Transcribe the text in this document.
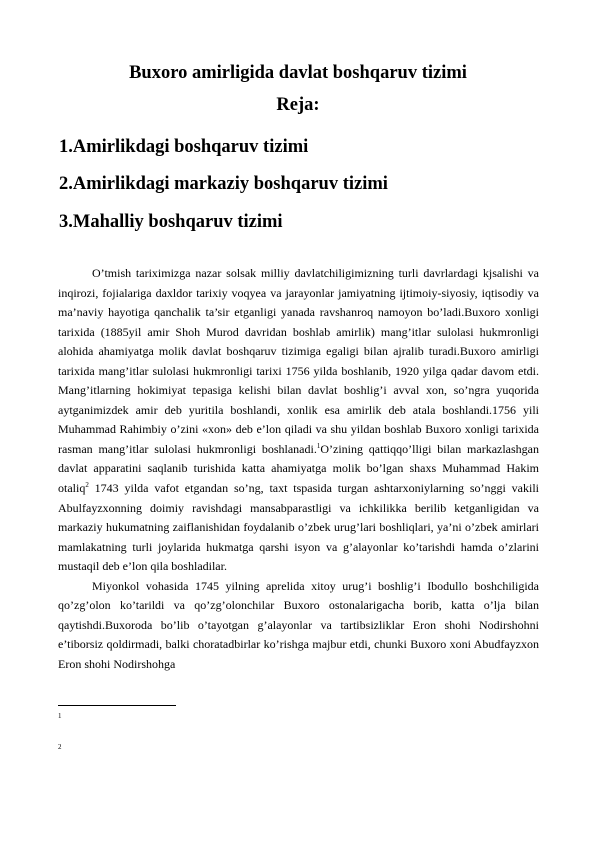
Buxoro amirligida davlat boshqaruv tizimi
Reja:
1.Amirlikdagi boshqaruv tizimi
2.Amirlikdagi markaziy boshqaruv tizimi
3.Mahalliy boshqaruv tizimi

O’tmish tariximizga nazar solsak milliy davlatchiligimizning turli davrlardagi kjsalishi va inqirozi, fojialariga daxldor tarixiy voqyea va jarayonlar jamiyatning ijtimoiy-siyosiy, iqtisodiy va ma’naviy hayotiga qanchalik ta’sir etganligi yanada ravshanroq namoyon bo’ladi.Buxoro xonligi tarixida (1885yil amir Shoh Murod davridan boshlab amirlik) mang’itlar sulolasi hukmronligi alohida ahamiyatga molik davlat boshqaruv tizimiga egaligi bilan ajralib turadi.Buxoro amirligi tarixida mang’itlar sulolasi hukmronligi tarixi 1756 yilda boshlanib, 1920 yilga qadar davom etdi. Mang’itlarning hokimiyat tepasiga kelishi bilan davlat boshlig’i avval xon, so’ngra yuqorida aytganimizdek amir deb yuritila boshlandi, xonlik esa amirlik deb atala boshlandi.1756 yili Muhammad Rahimbiy o’zini «xon» deb e’lon qiladi va shu yildan boshlab Buxoro xonligi tarixida rasman mang’itlar sulolasi hukmronligi boshlanadi.$^1$O’zining qattiqqo’lligi bilan markazlashgan davlat apparatini saqlanib turishida katta ahamiyatga molik bo’lgan shaxs Muhammad Hakim otaliq$^2$ 1743 yilda vafot etgandan so’ng, taxt tspasida turgan ashtarxoniylarning so’nggi vakili Abulfayzxonning doimiy ravishdagi mansabparastligi va ichkilikka berilib ketganligidan va markaziy hukumatning zaiflanishidan foydalanib o’zbek urug’lari boshliqlari, ya’ni o’zbek amirlari mamlakatning turli joylarida hukmatga qarshi isyon va g’alayonlar ko’tarishdi hamda o’zlarini mustaqil deb e’lon qila boshladilar.

Miyonkol vohasida 1745 yilning aprelida xitoy urug’i boshlig’i Ibodullo boshchiligida qo’zg’olon ko’tarildi va qo’zg’olonchilar Buxoro ostonalarigacha borib, katta o’lja bilan qaytishdi.Buxoroda bo’lib o’tayotgan g’alayonlar va tartibsizliklar Eron shohi Nodirshohni e’tiborsiz qoldirmadi, balki choratadbirlar ko’rishga majbur etdi, chunki Buxoro xoni Abudfayzxon Eron shohi Nodirshohga

1

2
